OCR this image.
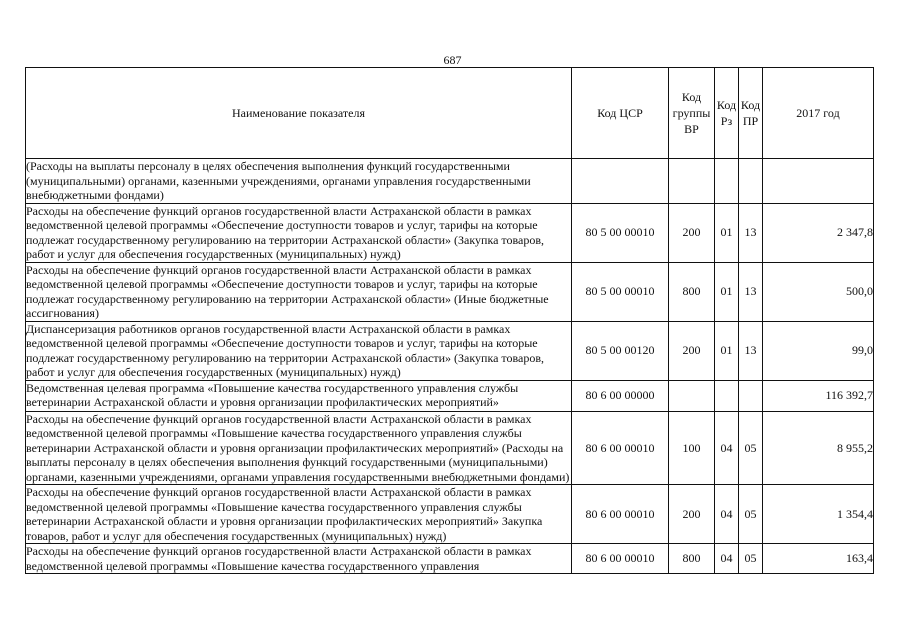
687
Наименование показателя	Код ЦСР	Код группы ВР	Код Рз	Код ПР	2017 год
(Расходы на выплаты персоналу в целях обеспечения выполнения функций государственными (муниципальными) органами, казенными учреждениями, органами управления государственными внебюджетными фондами)					
Расходы на обеспечение функций органов государственной власти Астраханской области в рамках ведомственной целевой программы «Обеспечение доступности товаров и услуг, тарифы на которые подлежат государственному регулированию на территории Астраханской области» (Закупка товаров, работ и услуг для обеспечения государственных (муниципальных) нужд)	80 5 00 00010	200	01	13	2 347,8
Расходы на обеспечение функций органов государственной власти Астраханской области в рамках ведомственной целевой программы «Обеспечение доступности товаров и услуг, тарифы на которые подлежат государственному регулированию на территории Астраханской области» (Иные бюджетные ассигнования)	80 5 00 00010	800	01	13	500,0
Диспансеризация работников органов государственной власти Астраханской области в рамках ведомственной целевой программы «Обеспечение доступности товаров и услуг, тарифы на которые подлежат государственному регулированию на территории Астраханской области» (Закупка товаров, работ и услуг для обеспечения государственных (муниципальных) нужд)	80 5 00 00120	200	01	13	99,0
Ведомственная целевая программа «Повышение качества государственного управления службы ветеринарии Астраханской области и уровня организации профилактических мероприятий»	80 6 00 00000				116 392,7
Расходы на обеспечение функций органов государственной власти Астраханской области в рамках ведомственной целевой программы «Повышение качества государственного управления службы ветеринарии Астраханской области и уровня организации профилактических мероприятий» (Расходы на выплаты персоналу в целях обеспечения выполнения функций государственными (муниципальными) органами, казенными учреждениями, органами управления государственными внебюджетными фондами)	80 6 00 00010	100	04	05	8 955,2
Расходы на обеспечение функций органов государственной власти Астраханской области в рамках ведомственной целевой программы «Повышение качества государственного управления службы ветеринарии Астраханской области и уровня организации профилактических мероприятий» Закупка товаров, работ и услуг для обеспечения государственных (муниципальных) нужд)	80 6 00 00010	200	04	05	1 354,4
Расходы на обеспечение функций органов государственной власти Астраханской области в рамках ведомственной целевой программы «Повышение качества государственного управления	80 6 00 00010	800	04	05	163,4
